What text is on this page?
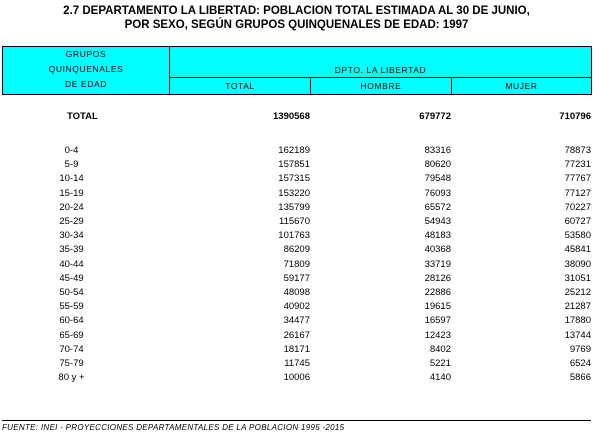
2.7 DEPARTAMENTO LA LIBERTAD: POBLACION TOTAL ESTIMADA AL 30 DE JUNIO,
POR SEXO, SEGÚN GRUPOS QUINQUENALES DE EDAD: 1997
GRUPOS
QUINQUENALES
DE EDAD	DPTO. LA LIBERTAD		
	TOTAL	HOMBRE	MUJER
TOTAL	1390568	679772	710796

0-4	162189	83316	78873
5-9	157851	80620	77231
10-14	157315	79548	77767
15-19	153220	76093	77127
20-24	135799	65572	70227
25-29	115670	54943	60727
30-34	101763	48183	53580
35-39	86209	40368	45841
40-44	71809	33719	38090
45-49	59177	28126	31051
50-54	48098	22886	25212
55-59	40902	19615	21287
60-64	34477	16597	17880
65-69	26167	12423	13744
70-74	18171	8402	9769
75-79	11745	5221	6524
80 y +	10006	4140	5866
FUENTE: INEI - PROYECCIONES DEPARTAMENTALES DE LA POBLACION 1995 -2015
